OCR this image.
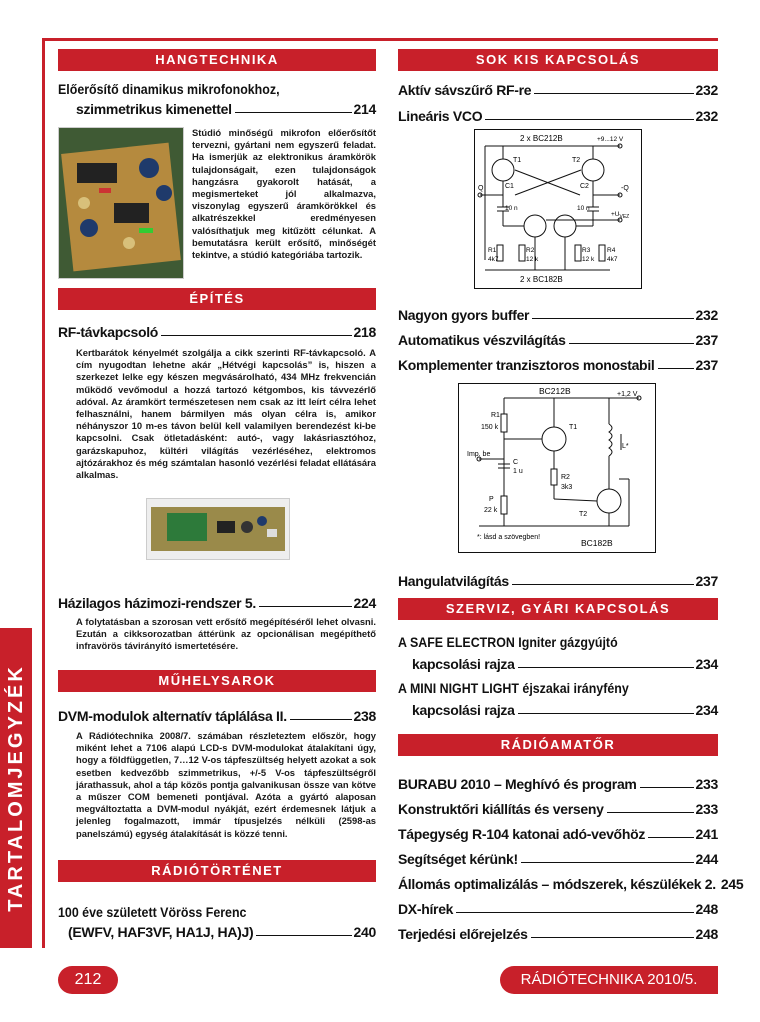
TARTALOMJEGYZÉK
HANGTECHNIKA
Előerősítő dinamikus mikrofonokhoz,
szimmetrikus kimenettel	214
Stúdió minőségű mikrofon előerősítőt tervezni, gyártani nem egyszerű feladat. Ha ismerjük az elektronikus áramkörök tulajdonságait, ezen tulajdonságok hangzásra gyakorolt hatását, a megismerteket jól alkalmazva, viszonylag egyszerű áramkörökkel és alkatrészekkel eredményesen valósíthatjuk meg kitűzött célunkat. A bemutatásra került erősítő, minőségét tekintve, a stúdió kategóriába tartozik.
ÉPÍTÉS
RF-távkapcsoló	218
Kertbarátok kényelmét szolgálja a cikk szerinti RF-távkapcsoló. A cím nyugodtan lehetne akár „Hétvégi kapcsolás” is, hiszen a szerkezet lelke egy készen megvásárolható, 434 MHz frekvencián működő vevőmodul a hozzá tartozó kétgombos, kis távvezérlő adóval. Az áramkört természetesen nem csak az itt leírt célra lehet felhasználni, hanem bármilyen más olyan célra is, amikor néhányszor 10 m-es távon belül kell valamilyen berendezést ki-be kapcsolni. Csak ötletadásként: autó-, vagy lakásriasztóhoz, garázskapuhoz, kültéri világítás vezérléséhez, elektromos ajtózárakhoz és még számtalan hasonló vezérlési feladat ellátására alkalmas.
Házilagos házimozi-rendszer 5.	224
A folytatásban a szorosan vett erősítő megépítéséről lehet olvasni. Ezután a cikksorozatban áttérünk az opcionálisan megépíthető infravörös távirányító ismertetésére.
MŰHELYSAROK
DVM-modulok alternatív táplálása II.	238
A Rádiótechnika 2008/7. számában részleteztem először, hogy miként lehet a 7106 alapú LCD-s DVM-modulokat átalakítani úgy, hogy a földfüggetlen, 7…12 V-os tápfeszültség helyett azokat a sok esetben kedvezőbb szimmetrikus, +/-5 V-os tápfeszültségről járathassuk, ahol a táp közös pontja galvanikusan össze van kötve a műszer COM bemeneti pontjával. Azóta a gyártó alaposan megváltoztatta a DVM-modul nyákját, ezért érdemesnek látjuk a jelenleg fogalmazott, immár típusjelzés nélküli (2598-as panelszámú) egység átalakítását is közzé tenni.
RÁDIÓTÖRTÉNET
100 éve született Vöröss Ferenc
(EWFV, HAF3VF, HA1J, HA)J)	240
SOK KIS KAPCSOLÁS
Aktív sávszűrő RF-re	232
Lineáris VCO	232
2 x BC212B	+9...12 V
T1	T2
Q	-Q
C1	C2
10 n	10 n
$+U_{VEZ}$
R1
4k7
R2
12 k
R3
12 k
R4
4k7
2 x BC182B
Nagyon gyors buffer	232
Automatikus vészvilágítás	237
Komplementer tranzisztoros monostabil	237
BC212B	+1,2 V
R1
150 k	T1
L*
Imp. be
C
1 u
R2
3k3
P
22 k
T2
*: lásd a szövegben!
BC182B
Hangulatvilágítás	237
SZERVIZ, GYÁRI KAPCSOLÁS
A SAFE ELECTRON Igniter gázgyújtó
kapcsolási rajza	234
A MINI NIGHT LIGHT éjszakai irányfény
kapcsolási rajza	234
RÁDIÓAMATŐR
BURABU 2010 – Meghívó és program	233
Konstruktőri kiállítás és verseny	233
Tápegység R-104 katonai adó-vevőhöz	241
Segítséget kérünk!	244
Állomás optimalizálás – módszerek, készülékek 2. 245
DX-hírek	248
Terjedési előrejelzés	248
212	RÁDIÓTECHNIKA 2010/5.
